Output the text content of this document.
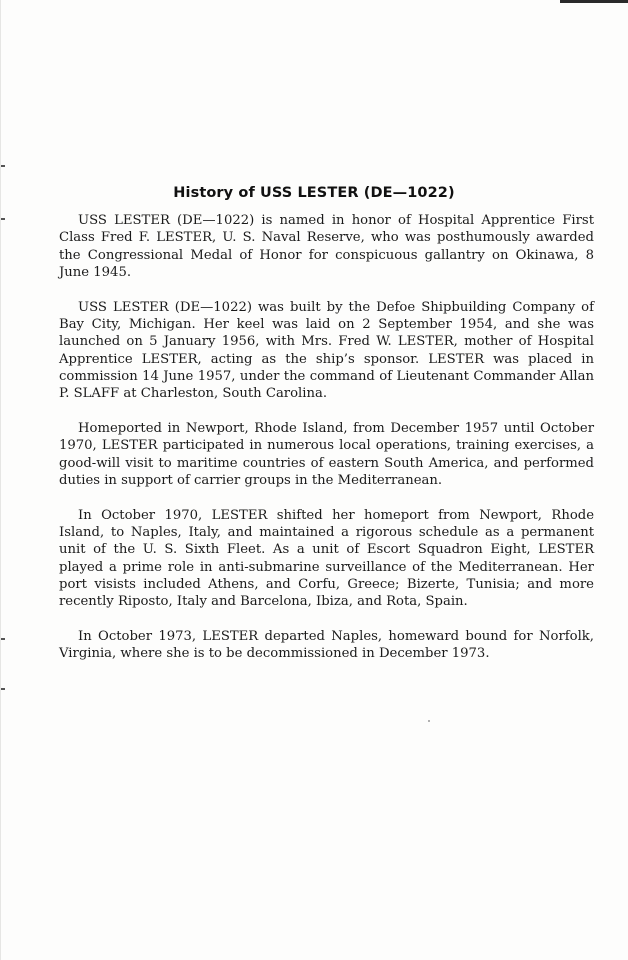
History of USS LESTER (DE—1022)

USS LESTER (DE—1022) is named in honor of Hospital Apprentice First Class Fred F. LESTER, U. S. Naval Reserve, who was posthumously awarded the Congressional Medal of Honor for conspicuous gallantry on Okinawa, 8 June 1945.

USS LESTER (DE—1022) was built by the Defoe Shipbuilding Company of Bay City, Michigan. Her keel was laid on 2 September 1954, and she was launched on 5 January 1956, with Mrs. Fred W. LESTER, mother of Hospital Apprentice LESTER, acting as the ship’s sponsor. LESTER was placed in commission 14 June 1957, under the command of Lieutenant Commander Allan P. SLAFF at Charleston, South Carolina.

Homeported in Newport, Rhode Island, from December 1957 until October 1970, LESTER participated in numerous local operations, training exercises, a good-will visit to maritime countries of eastern South America, and performed duties in support of carrier groups in the Mediterranean.

In October 1970, LESTER shifted her homeport from Newport, Rhode Island, to Naples, Italy, and maintained a rigorous schedule as a permanent unit of the U. S. Sixth Fleet. As a unit of Escort Squadron Eight, LESTER played a prime role in anti-submarine surveillance of the Mediterranean. Her port visists included Athens, and Corfu, Greece; Bizerte, Tunisia; and more recently Riposto, Italy and Barcelona, Ibiza, and Rota, Spain.

In October 1973, LESTER departed Naples, homeward bound for Norfolk, Virginia, where she is to be decommissioned in December 1973.
